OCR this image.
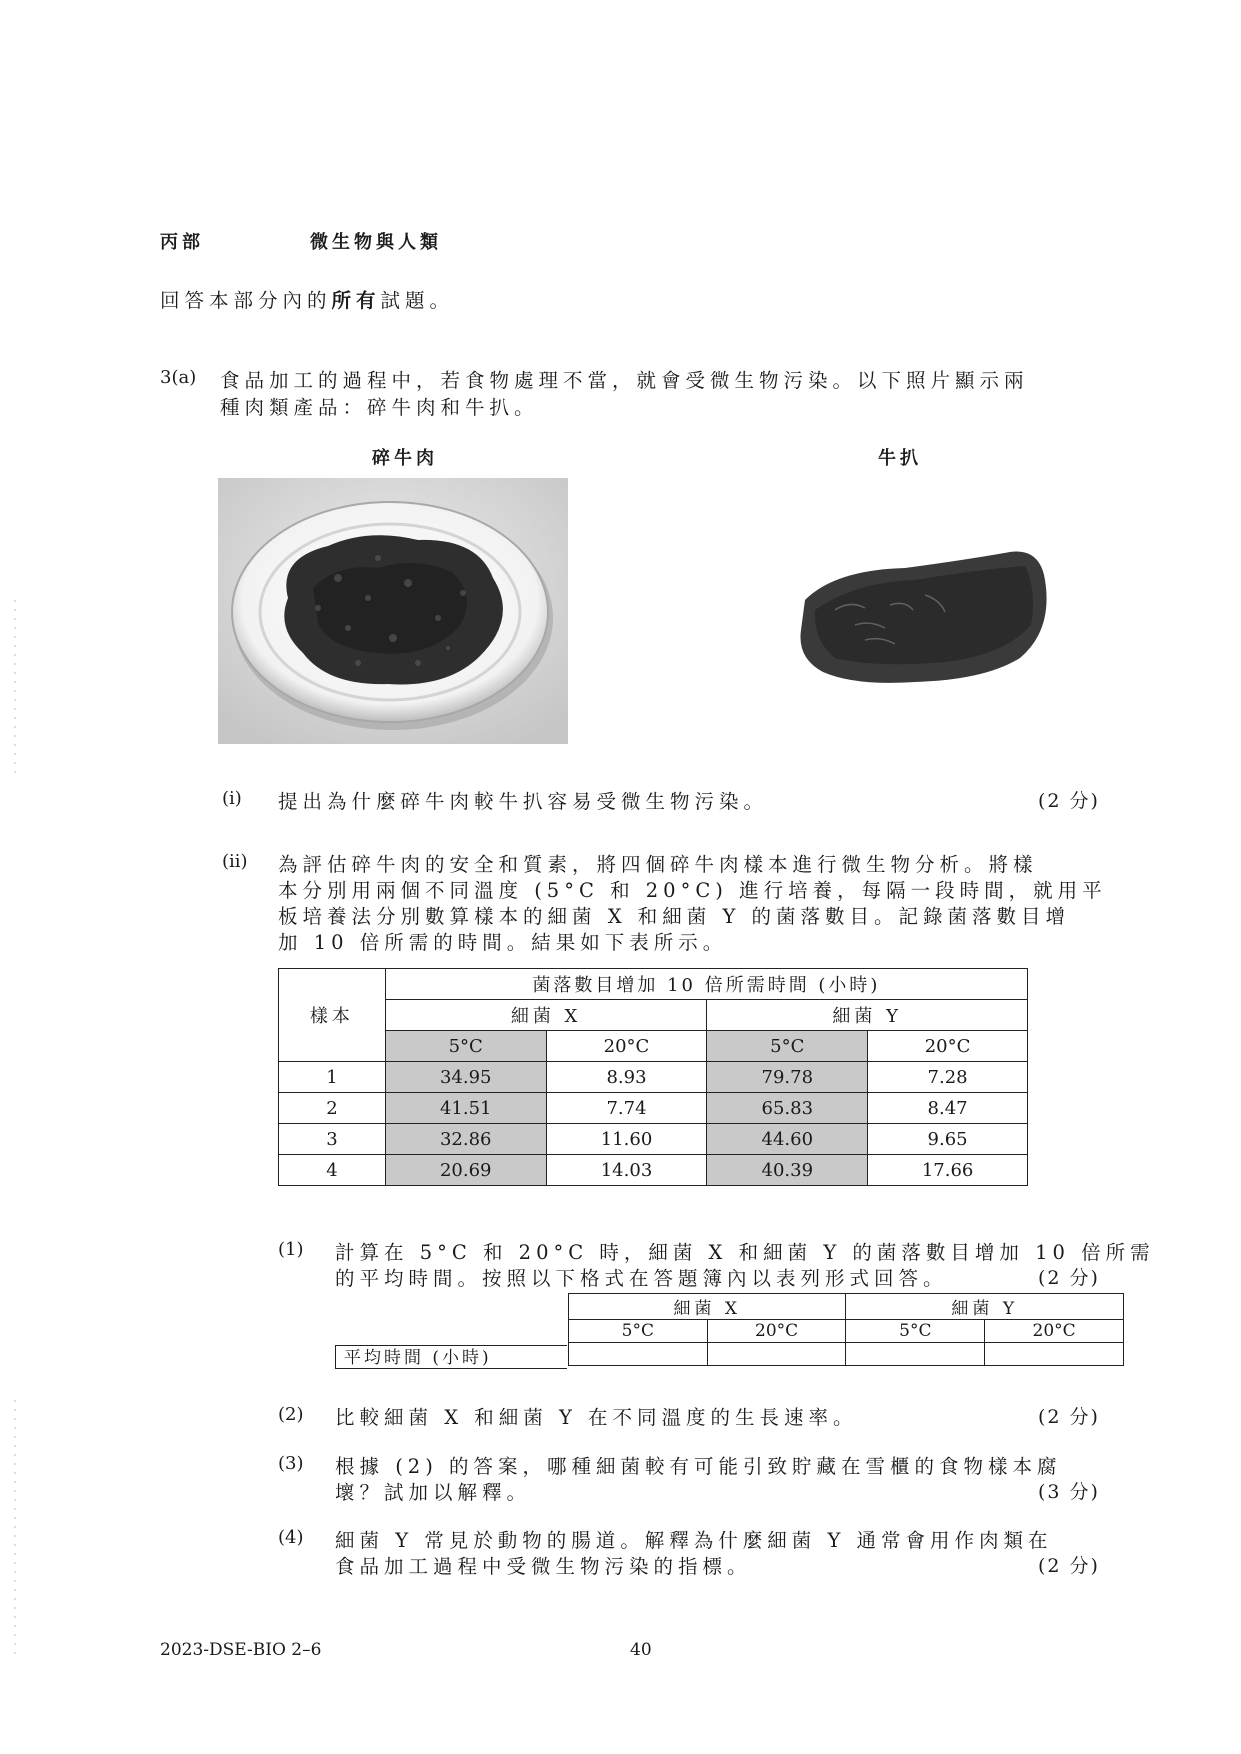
丙部	微生物與人類
回答本部分內的所有試題。
3(a) 食品加工的過程中，若食物處理不當，就會受微生物污染。以下照片顯示兩
種肉類產品：碎牛肉和牛扒。
碎牛肉	牛扒
(i) 提出為什麼碎牛肉較牛扒容易受微生物污染。	(2 分)
(ii) 為評估碎牛肉的安全和質素，將四個碎牛肉樣本進行微生物分析。將樣
本分別用兩個不同溫度 (5°C 和 20°C) 進行培養，每隔一段時間，就用平
板培養法分別數算樣本的細菌 X 和細菌 Y 的菌落數目。記錄菌落數目增
加 10 倍所需的時間。結果如下表所示。
樣本	菌落數目增加 10 倍所需時間 (小時)			
	細菌 X		細菌 Y	
	5°C	20°C	5°C	20°C
1	34.95	8.93	79.78	7.28
2	41.51	7.74	65.83	8.47
3	32.86	11.60	44.60	9.65
4	20.69	14.03	40.39	17.66
(1) 計算在 5°C 和 20°C 時，細菌 X 和細菌 Y 的菌落數目增加 10 倍所需
的平均時間。按照以下格式在答題簿內以表列形式回答。	(2 分)
細菌 X		細菌 Y	
5°C	20°C	5°C	20°C

平均時間 (小時)
(2) 比較細菌 X 和細菌 Y 在不同溫度的生長速率。	(2 分)
(3) 根據 (2) 的答案，哪種細菌較有可能引致貯藏在雪櫃的食物樣本腐
壞？試加以解釋。	(3 分)
(4) 細菌 Y 常見於動物的腸道。解釋為什麼細菌 Y 通常會用作肉類在
食品加工過程中受微生物污染的指標。	(2 分)
2023-DSE-BIO 2–6	40
